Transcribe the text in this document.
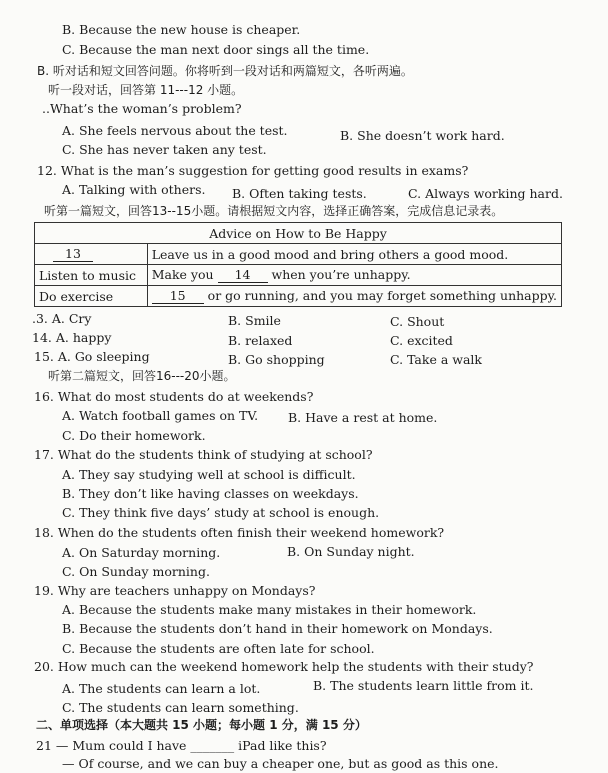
B. Because the new house is cheaper.
C. Because the man next door sings all the time.
B. 听对话和短文回答问题。你将听到一段对话和两篇短文，各听两遍。
听一段对话，回答第 11---12 小题。
..What’s the woman’s problem?
A. She feels nervous about the test.	B. She doesn’t work hard.
C. She has never taken any test.
12. What is the man’s suggestion for getting good results in exams?
A. Talking with others. B. Often taking tests.	C. Always working hard.
听第一篇短文，回答13--15小题。请根据短文内容，选择正确答案，完成信息记录表。
Advice on How to Be Happy	
13	Leave us in a good mood and bring others a good mood.
Listen to music	Make you 14 when you’re unhappy.
Do exercise	15 or go running, and you may forget something unhappy.
.3. A. Cry	B. Smile	C. Shout
14. A. happy	B. relaxed	C. excited
15. A. Go sleeping	B. Go shopping	C. Take a walk
听第二篇短文，回答16---20小题。
16. What do most students do at weekends?
A. Watch football games on TV. B. Have a rest at home.
C. Do their homework.
17. What do the students think of studying at school?
A. They say studying well at school is difficult.
B. They don’t like having classes on weekdays.
C. They think five days’ study at school is enough.
18. When do the students often finish their weekend homework?
A. On Saturday morning.	B. On Sunday night.
C. On Sunday morning.
19. Why are teachers unhappy on Mondays?
A. Because the students make many mistakes in their homework.
B. Because the students don’t hand in their homework on Mondays.
C. Because the students are often late for school.
20. How much can the weekend homework help the students with their study?
A. The students can learn a lot.	B. The students learn little from it.
C. The students can learn something.
二、单项选择（本大题共 15 小题；每小题 1 分，满 15 分）
21 — Mum could I have _______ iPad like this?
— Of course, and we can buy a cheaper one, but as good as this one.
